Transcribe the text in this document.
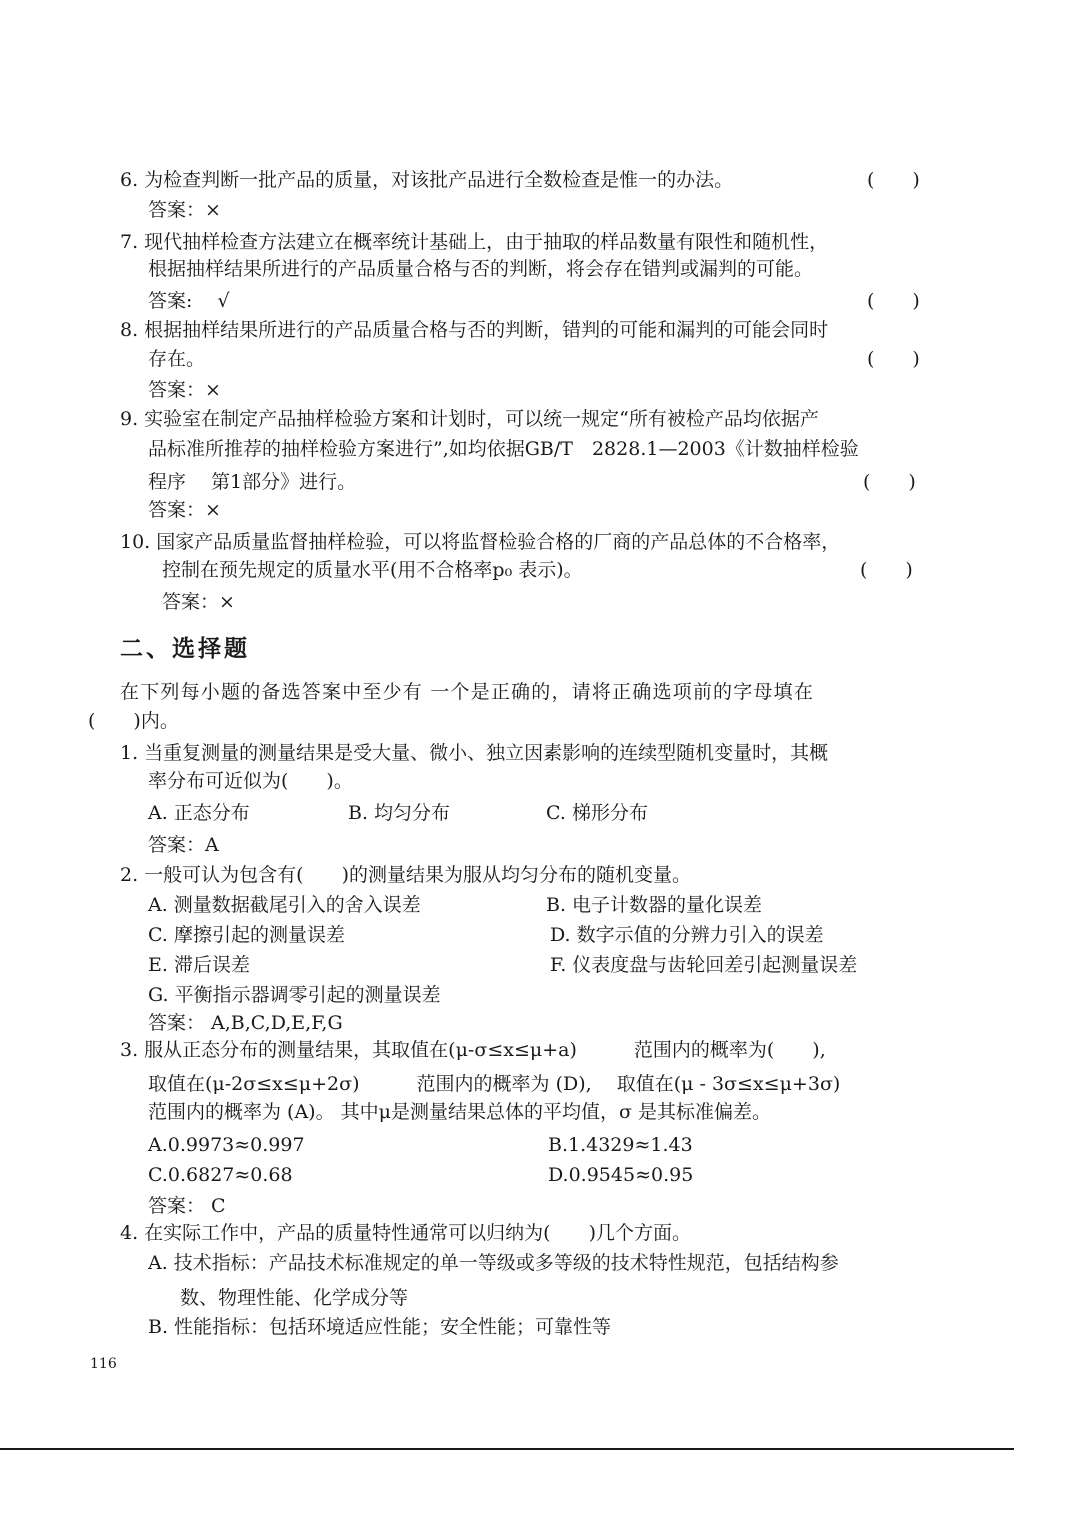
6. 为检查判断一批产品的质量，对该批产品进行全数检查是惟一的办法。	(　　)
答案：×
7. 现代抽样检查方法建立在概率统计基础上，由于抽取的样品数量有限性和随机性，
根据抽样结果所进行的产品质量合格与否的判断，将会存在错判或漏判的可能。
答案:　 √	(　　)
8. 根据抽样结果所进行的产品质量合格与否的判断，错判的可能和漏判的可能会同时
存在。	(　　)
答案：×
9. 实验室在制定产品抽样检验方案和计划时，可以统一规定“所有被检产品均依据产
品标准所推荐的抽样检验方案进行”,如均依据GB/T　2828.1—2003《计数抽样检验
程序　 第1部分》进行。	(　　)
答案：×
10. 国家产品质量监督抽样检验，可以将监督检验合格的厂商的产品总体的不合格率，
控制在预先规定的质量水平(用不合格率p₀ 表示)。	(　　)
答案：×
二、选择题
在下列每小题的备选答案中至少有 一个是正确的，请将正确选项前的字母填在
(　　)内。
1. 当重复测量的测量结果是受大量、微小、独立因素影响的连续型随机变量时，其概
率分布可近似为(　　)。
A. 正态分布	B. 均匀分布	C. 梯形分布
答案：A
2. 一般可认为包含有(　　)的测量结果为服从均匀分布的随机变量。
A. 测量数据截尾引入的舍入误差	B. 电子计数器的量化误差
C. 摩擦引起的测量误差	D. 数字示值的分辨力引入的误差
E. 滞后误差	F. 仪表度盘与齿轮回差引起测量误差
G. 平衡指示器调零引起的测量误差
答案： A,B,C,D,E,F,G
3. 服从正态分布的测量结果，其取值在(μ-σ≤x≤μ+a)　　　范围内的概率为(　　),
取值在(μ-2σ≤x≤μ+2σ)　　　范围内的概率为 (D),　 取值在(μ - 3σ≤x≤μ+3σ)
范围内的概率为 (A)。 其中μ是测量结果总体的平均值，σ 是其标准偏差。
A.0.9973≈0.997	B.1.4329≈1.43
C.0.6827≈0.68	D.0.9545≈0.95
答案： C
4. 在实际工作中，产品的质量特性通常可以归纳为(　　)几个方面。
A. 技术指标：产品技术标准规定的单一等级或多等级的技术特性规范，包括结构参
数、物理性能、化学成分等
B. 性能指标：包括环境适应性能；安全性能；可靠性等
116
